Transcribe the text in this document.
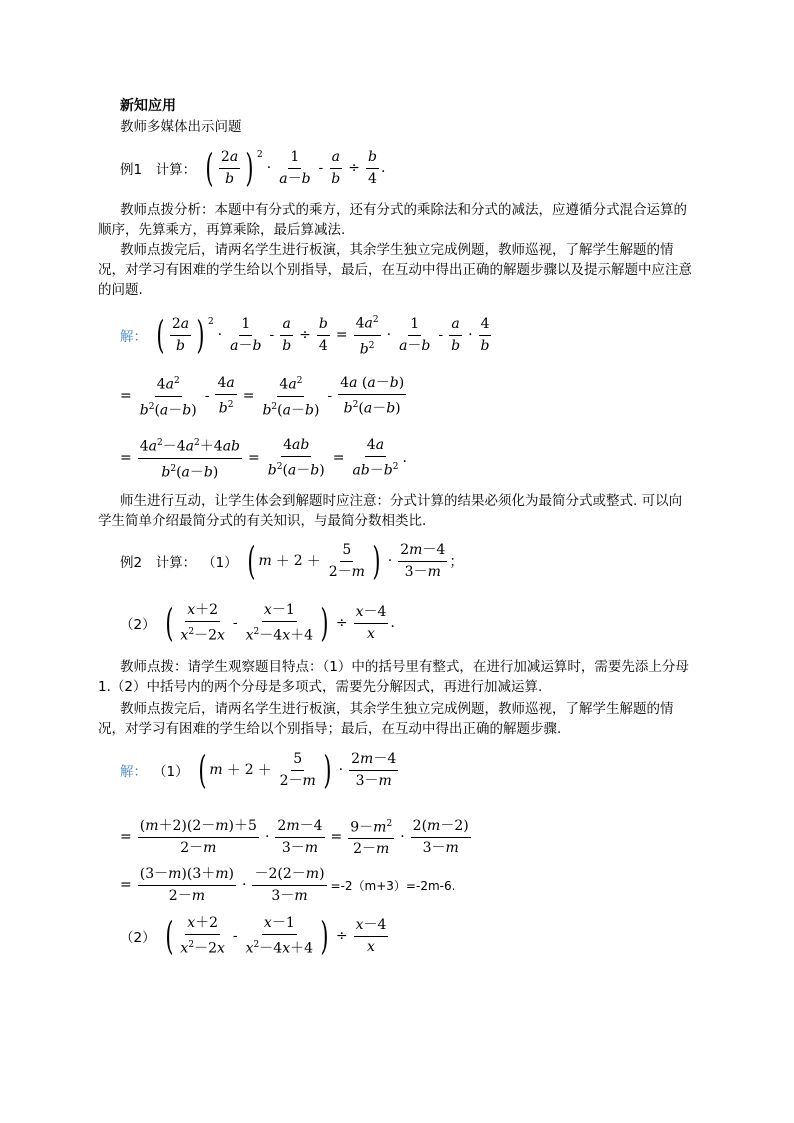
新知应用
教师多媒体出示问题
例1　计算： ( $\frac{2a}{b}$ ) $^2$
· $\frac{1}{a-b} - \frac{a}{b} \div \frac{b}{4}$ .
教师点拨分析：本题中有分式的乘方，还有分式的乘除法和分式的减法，应遵循分式混合运算的顺序，先算乘方，再算乘除，最后算减法.
教师点拨完后，请两名学生进行板演，其余学生独立完成例题，教师巡视，了解学生解题的情况，对学习有困难的学生给以个别指导，最后，在互动中得出正确的解题步骤以及提示解题中应注意的问题.
解： ( $\frac{2a}{b}$ ) $^2$
· $\frac{1}{a-b} - \frac{a}{b} \div \frac{b}{4} = \frac{4a^2}{b^2} \cdot \frac{1}{a-b} - \frac{a}{b} \cdot \frac{4}{b}$
= $\frac{4a^2}{b^2(a-b)} - \frac{4a}{b^2} = \frac{4a^2}{b^2(a-b)} - \frac{4a (a-b)}{b^2(a-b)}$
= $\frac{4a^2-4a^2+4ab}{b^2(a-b)} = \frac{4ab}{b^2(a-b)} = \frac{4a}{ab-b^2}$ .
师生进行互动，让学生体会到解题时应注意：分式计算的结果必须化为最简分式或整式. 可以向学生简单介绍最简分式的有关知识，与最简分数相类比.
例2　计算： （1） ( $m + 2 + \frac{5}{2-m}$ ) · $\frac{2m-4}{3-m}$ ；
（2） ( $\frac{x+2}{x^2-2x} - \frac{x-1}{x^2-4x+4}$ ) ÷ $\frac{x-4}{x}$ .
教师点拨：请学生观察题目特点：（1）中的括号里有整式，在进行加减运算时，需要先添上分母1.（2）中括号内的两个分母是多项式，需要先分解因式，再进行加减运算.
教师点拨完后，请两名学生进行板演，其余学生独立完成例题，教师巡视，了解学生解题的情况，对学习有困难的学生给以个别指导；最后，在互动中得出正确的解题步骤.
解： （1） ( $m + 2 + \frac{5}{2-m}$ ) · $\frac{2m-4}{3-m}$
= $\frac{(m+2)(2-m)+5}{2-m} \cdot \frac{2m-4}{3-m} = \frac{9-m^2}{2-m} \cdot \frac{2(m-2)}{3-m}$
= $\frac{(3-m)(3+m)}{2-m} \cdot \frac{-2(2-m)}{3-m} =-2(m+3)=-2m-6$.
（2） ( $\frac{x+2}{x^2-2x} - \frac{x-1}{x^2-4x+4}$ ) ÷ $\frac{x-4}{x}$
